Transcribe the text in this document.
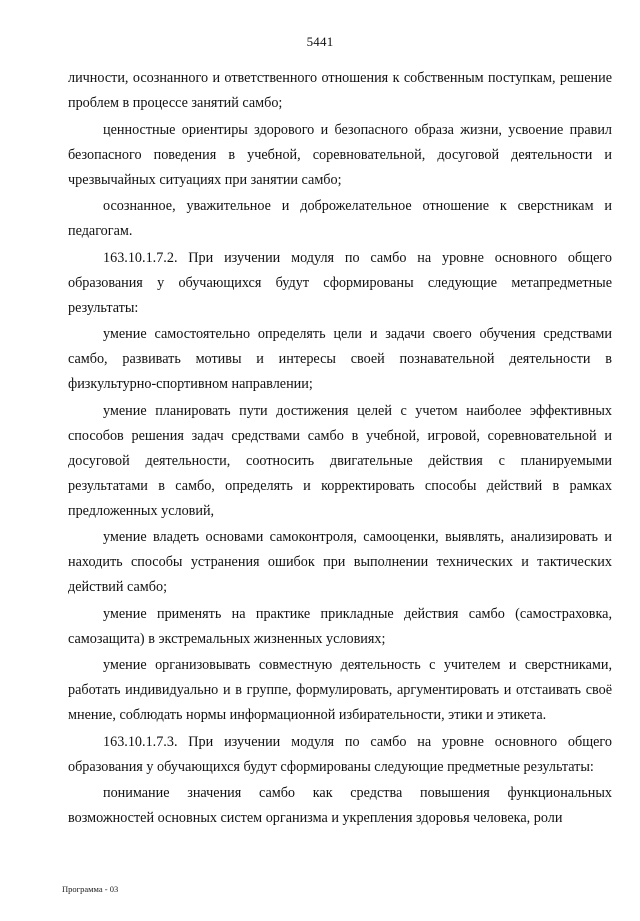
5441

личности, осознанного и ответственного отношения к собственным поступкам, решение проблем в процессе занятий самбо;

ценностные ориентиры здорового и безопасного образа жизни, усвоение правил безопасного поведения в учебной, соревновательной, досуговой деятельности и чрезвычайных ситуациях при занятии самбо;

осознанное, уважительное и доброжелательное отношение к сверстникам и педагогам.

163.10.1.7.2. При изучении модуля по самбо на уровне основного общего образования у обучающихся будут сформированы следующие метапредметные результаты:

умение самостоятельно определять цели и задачи своего обучения средствами самбо, развивать мотивы и интересы своей познавательной деятельности в физкультурно-спортивном направлении;

умение планировать пути достижения целей с учетом наиболее эффективных способов решения задач средствами самбо в учебной, игровой, соревновательной и досуговой деятельности, соотносить двигательные действия с планируемыми результатами в самбо, определять и корректировать способы действий в рамках предложенных условий,

умение владеть основами самоконтроля, самооценки, выявлять, анализировать и находить способы устранения ошибок при выполнении технических и тактических действий самбо;

умение применять на практике прикладные действия самбо (самостраховка, самозащита) в экстремальных жизненных условиях;

умение организовывать совместную деятельность с учителем и сверстниками, работать индивидуально и в группе, формулировать, аргументировать и отстаивать своё мнение, соблюдать нормы информационной избирательности, этики и этикета.

163.10.1.7.3. При изучении модуля по самбо на уровне основного общего образования у обучающихся будут сформированы следующие предметные результаты:

понимание значения самбо как средства повышения функциональных возможностей основных систем организма и укрепления здоровья человека, роли

Программа - 03
